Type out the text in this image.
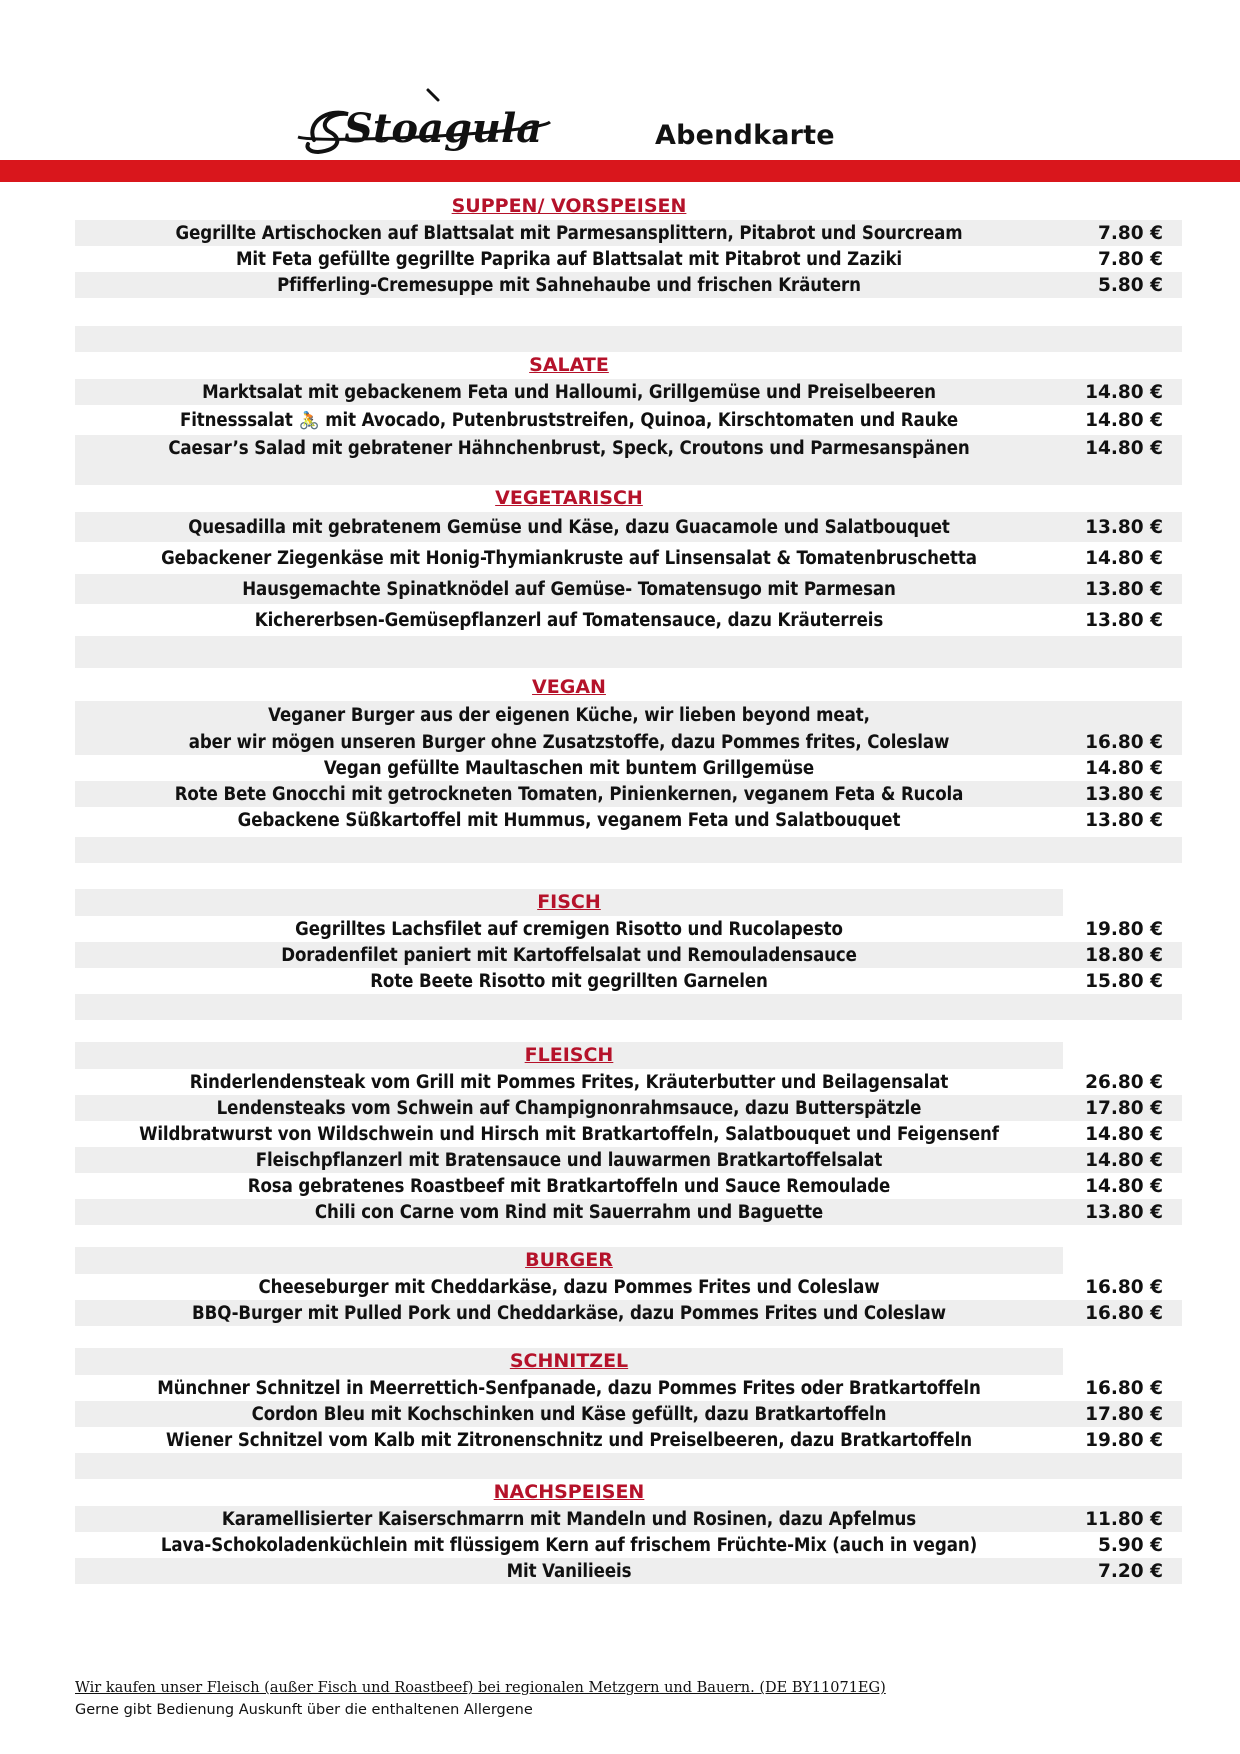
Stoagula	Abendkarte
SUPPEN/ VORSPEISEN
Gegrillte Artischocken auf Blattsalat mit Parmesansplittern, Pitabrot und Sourcream	7.80 €
Mit Feta gefüllte gegrillte Paprika auf Blattsalat mit Pitabrot und Zaziki	7.80 €
Pfifferling-Cremesuppe mit Sahnehaube und frischen Kräutern	5.80 €
SALATE
Marktsalat mit gebackenem Feta und Halloumi, Grillgemüse und Preiselbeeren	14.80 €
Fitnesssalat 🚴 mit Avocado, Putenbruststreifen, Quinoa, Kirschtomaten und Rauke	14.80 €
Caesar’s Salad mit gebratener Hähnchenbrust, Speck, Croutons und Parmesanspänen	14.80 €
VEGETARISCH
Quesadilla mit gebratenem Gemüse und Käse, dazu Guacamole und Salatbouquet	13.80 €
Gebackener Ziegenkäse mit Honig-Thymiankruste auf Linsensalat & Tomatenbruschetta	14.80 €
Hausgemachte Spinatknödel auf Gemüse- Tomatensugo mit Parmesan	13.80 €
Kichererbsen-Gemüsepflanzerl auf Tomatensauce, dazu Kräuterreis	13.80 €
VEGAN
Veganer Burger aus der eigenen Küche, wir lieben beyond meat,
aber wir mögen unseren Burger ohne Zusatzstoffe, dazu Pommes frites, Coleslaw	16.80 €
Vegan gefüllte Maultaschen mit buntem Grillgemüse	14.80 €
Rote Bete Gnocchi mit getrockneten Tomaten, Pinienkernen, veganem Feta & Rucola	13.80 €
Gebackene Süßkartoffel mit Hummus, veganem Feta und Salatbouquet	13.80 €
FISCH
Gegrilltes Lachsfilet auf cremigen Risotto und Rucolapesto	19.80 €
Doradenfilet paniert mit Kartoffelsalat und Remouladensauce	18.80 €
Rote Beete Risotto mit gegrillten Garnelen	15.80 €
FLEISCH
Rinderlendensteak vom Grill mit Pommes Frites, Kräuterbutter und Beilagensalat	26.80 €
Lendensteaks vom Schwein auf Champignonrahmsauce, dazu Butterspätzle	17.80 €
Wildbratwurst von Wildschwein und Hirsch mit Bratkartoffeln, Salatbouquet und Feigensenf	14.80 €
Fleischpflanzerl mit Bratensauce und lauwarmen Bratkartoffelsalat	14.80 €
Rosa gebratenes Roastbeef mit Bratkartoffeln und Sauce Remoulade	14.80 €
Chili con Carne vom Rind mit Sauerrahm und Baguette	13.80 €
BURGER
Cheeseburger mit Cheddarkäse, dazu Pommes Frites und Coleslaw	16.80 €
BBQ-Burger mit Pulled Pork und Cheddarkäse, dazu Pommes Frites und Coleslaw	16.80 €
SCHNITZEL
Münchner Schnitzel in Meerrettich-Senfpanade, dazu Pommes Frites oder Bratkartoffeln	16.80 €
Cordon Bleu mit Kochschinken und Käse gefüllt, dazu Bratkartoffeln	17.80 €
Wiener Schnitzel vom Kalb mit Zitronenschnitz und Preiselbeeren, dazu Bratkartoffeln	19.80 €
NACHSPEISEN
Karamellisierter Kaiserschmarrn mit Mandeln und Rosinen, dazu Apfelmus	11.80 €
Lava-Schokoladenküchlein mit flüssigem Kern auf frischem Früchte-Mix (auch in vegan)	5.90 €
Mit Vanilieeis	7.20 €
Wir kaufen unser Fleisch (außer Fisch und Roastbeef) bei regionalen Metzgern und Bauern. (DE BY11071EG)
Gerne gibt Bedienung Auskunft über die enthaltenen Allergene
